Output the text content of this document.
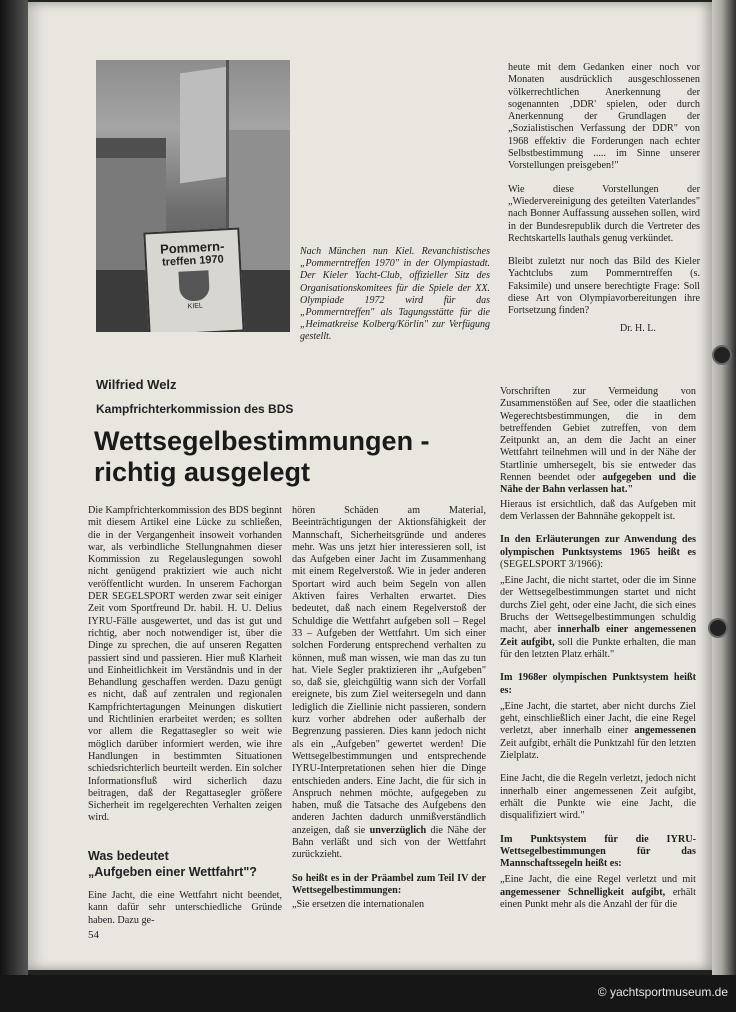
Pommern-
treffen 1970
KIEL
Nach München nun Kiel. Revanchistisches „Pommerntreffen 1970" in der Olympiastadt. Der Kieler Yacht-Club, offizieller Sitz des Organisationskomitees für die Spiele der XX. Olympiade 1972 wird für das „Pommerntreffen" als Tagungsstätte für die „Heimatkreise Kolberg/Körlin" zur Verfügung gestellt.

heute mit dem Gedanken einer noch vor Monaten ausdrücklich ausgeschlossenen völkerrechtlichen Anerkennung der sogenannten ‚DDR' spielen, oder durch Anerkennung der Grundlagen der „Sozialistischen Verfassung der DDR" von 1968 effektiv die Forderungen nach echter Selbstbestimmung ..... im Sinne unserer Vorstellungen preisgeben!"

Wie diese Vorstellungen der „Wiedervereinigung des geteilten Vaterlandes" nach Bonner Auffassung aussehen sollen, wird in der Bundesrepublik durch die Vertreter des Rechtskartells lauthals genug verkündet.

Bleibt zuletzt nur noch das Bild des Kieler Yachtclubs zum Pommerntreffen (s. Faksimile) und unsere berechtigte Frage: Soll diese Art von Olympiavorbereitungen ihre Fortsetzung finden?

Dr. H. L.
Wilfried Welz
Kampfrichterkommission des BDS
Wettsegelbestimmungen -
richtig ausgelegt

Die Kampfrichterkommission des BDS beginnt mit diesem Artikel eine Lücke zu schließen, die in der Vergangenheit insoweit vorhanden war, als verbindliche Stellungnahmen dieser Kommission zu Regelauslegungen sowohl nicht genügend praktiziert wie auch nicht veröffentlicht wurden. In unserem Fachorgan DER SEGELSPORT werden zwar seit einiger Zeit vom Sportfreund Dr. habil. H. U. Delius IYRU-Fälle ausgewertet, und das ist gut und richtig, aber noch notwendiger ist, über die Dinge zu sprechen, die auf unseren Regatten passiert sind und passieren. Hier muß Klarheit und Einheitlichkeit im Verständnis und in der Behandlung geschaffen werden. Dazu genügt es nicht, daß auf zentralen und regionalen Kampfrichtertagungen Meinungen diskutiert und Richtlinien erarbeitet werden; es sollten vor allem die Regattasegler so weit wie möglich darüber informiert werden, wie ihre Handlungen in bestimmten Situationen schiedsrichterlich beurteilt werden. Ein solcher Informationsfluß wird sicherlich dazu beitragen, daß der Regattasegler größere Sicherheit im regelgerechten Verhalten zeigen wird.

Was bedeutet
„Aufgeben einer Wettfahrt"?

Eine Jacht, die eine Wettfahrt nicht beendet, kann dafür sehr unterschiedliche Gründe haben. Dazu ge-

hören Schäden am Material, Beeinträchtigungen der Aktionsfähigkeit der Mannschaft, Sicherheitsgründe und anderes mehr. Was uns jetzt hier interessieren soll, ist das Aufgeben einer Jacht im Zusammenhang mit einem Regelverstoß. Wie in jeder anderen Sportart wird auch beim Segeln von allen Aktiven faires Verhalten erwartet. Dies bedeutet, daß nach einem Regelverstoß der Schuldige die Wettfahrt aufgeben soll – Regel 33 – Aufgeben der Wettfahrt. Um sich einer solchen Forderung entsprechend verhalten zu können, muß man wissen, wie man das zu tun hat. Viele Segler praktizieren ihr „Aufgeben" so, daß sie, gleichgültig wann sich der Vorfall ereignete, bis zum Ziel weitersegeln und dann lediglich die Ziellinie nicht passieren, sondern kurz vorher abdrehen oder außerhalb der Begrenzung passieren. Dies kann jedoch nicht als ein „Aufgeben" gewertet werden! Die Wettsegelbestimmungen und entsprechende IYRU-Interpretationen sehen hier die Dinge entschieden anders. Eine Jacht, die für sich in Anspruch nehmen möchte, aufgegeben zu haben, muß die Tatsache des Aufgebens den anderen Jachten dadurch unmißverständlich anzeigen, daß sie unverzüglich die Nähe der Bahn verläßt und sich von der Wettfahrt zurückzieht.

So heißt es in der Präambel zum Teil IV der Wettsegelbestimmungen:

„Sie ersetzen die internationalen

Vorschriften zur Vermeidung von Zusammenstößen auf See, oder die staatlichen Wegerechtsbestimmungen, die in dem betreffenden Gebiet zutreffen, von dem Zeitpunkt an, an dem die Jacht an einer Wettfahrt teilnehmen will und in der Nähe der Startlinie umhersegelt, bis sie entweder das Rennen beendet oder aufgegeben und die Nähe der Bahn verlassen hat."

Hieraus ist ersichtlich, daß das Aufgeben mit dem Verlassen der Bahnnähe gekoppelt ist.

In den Erläuterungen zur Anwendung des olympischen Punktsystems 1965 heißt es (SEGELSPORT 3/1966):

„Eine Jacht, die nicht startet, oder die im Sinne der Wettsegelbestimmungen startet und nicht durchs Ziel geht, oder eine Jacht, die sich eines Bruchs der Wettsegelbestimmungen schuldig macht, aber innerhalb einer angemessenen Zeit aufgibt, soll die Punkte erhalten, die man für den letzten Platz erhält."

Im 1968er olympischen Punktsystem heißt es:

„Eine Jacht, die startet, aber nicht durchs Ziel geht, einschließlich einer Jacht, die eine Regel verletzt, aber innerhalb einer angemessenen Zeit aufgibt, erhält die Punktzahl für den letzten Zielplatz.

Eine Jacht, die die Regeln verletzt, jedoch nicht innerhalb einer angemessenen Zeit aufgibt, erhält die Punkte wie eine Jacht, die disqualifiziert wird."

Im Punktsystem für die IYRU-Wettsegelbestimmungen für das Mannschaftssegeln heißt es:

„Eine Jacht, die eine Regel verletzt und mit angemessener Schnelligkeit aufgibt, erhält einen Punkt mehr als die Anzahl der für die

54
© yachtsportmuseum.de
